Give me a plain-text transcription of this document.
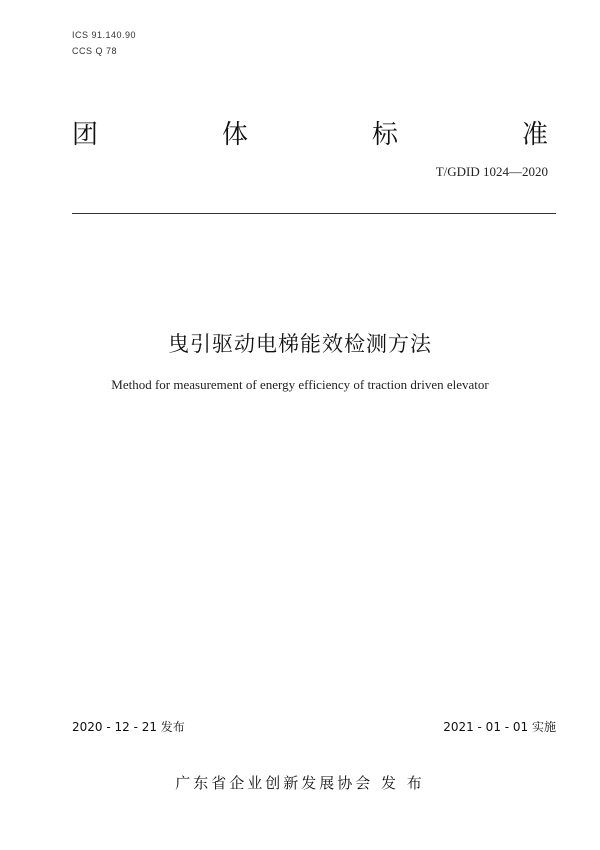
ICS 91.140.90
CCS Q 78
团	体	标	准
T/GDID 1024—2020
曳引驱动电梯能效检测方法
Method for measurement of energy efficiency of traction driven elevator
2020 - 12 - 21 发布	2021 - 01 - 01 实施
广东省企业创新发展协会 发 布
